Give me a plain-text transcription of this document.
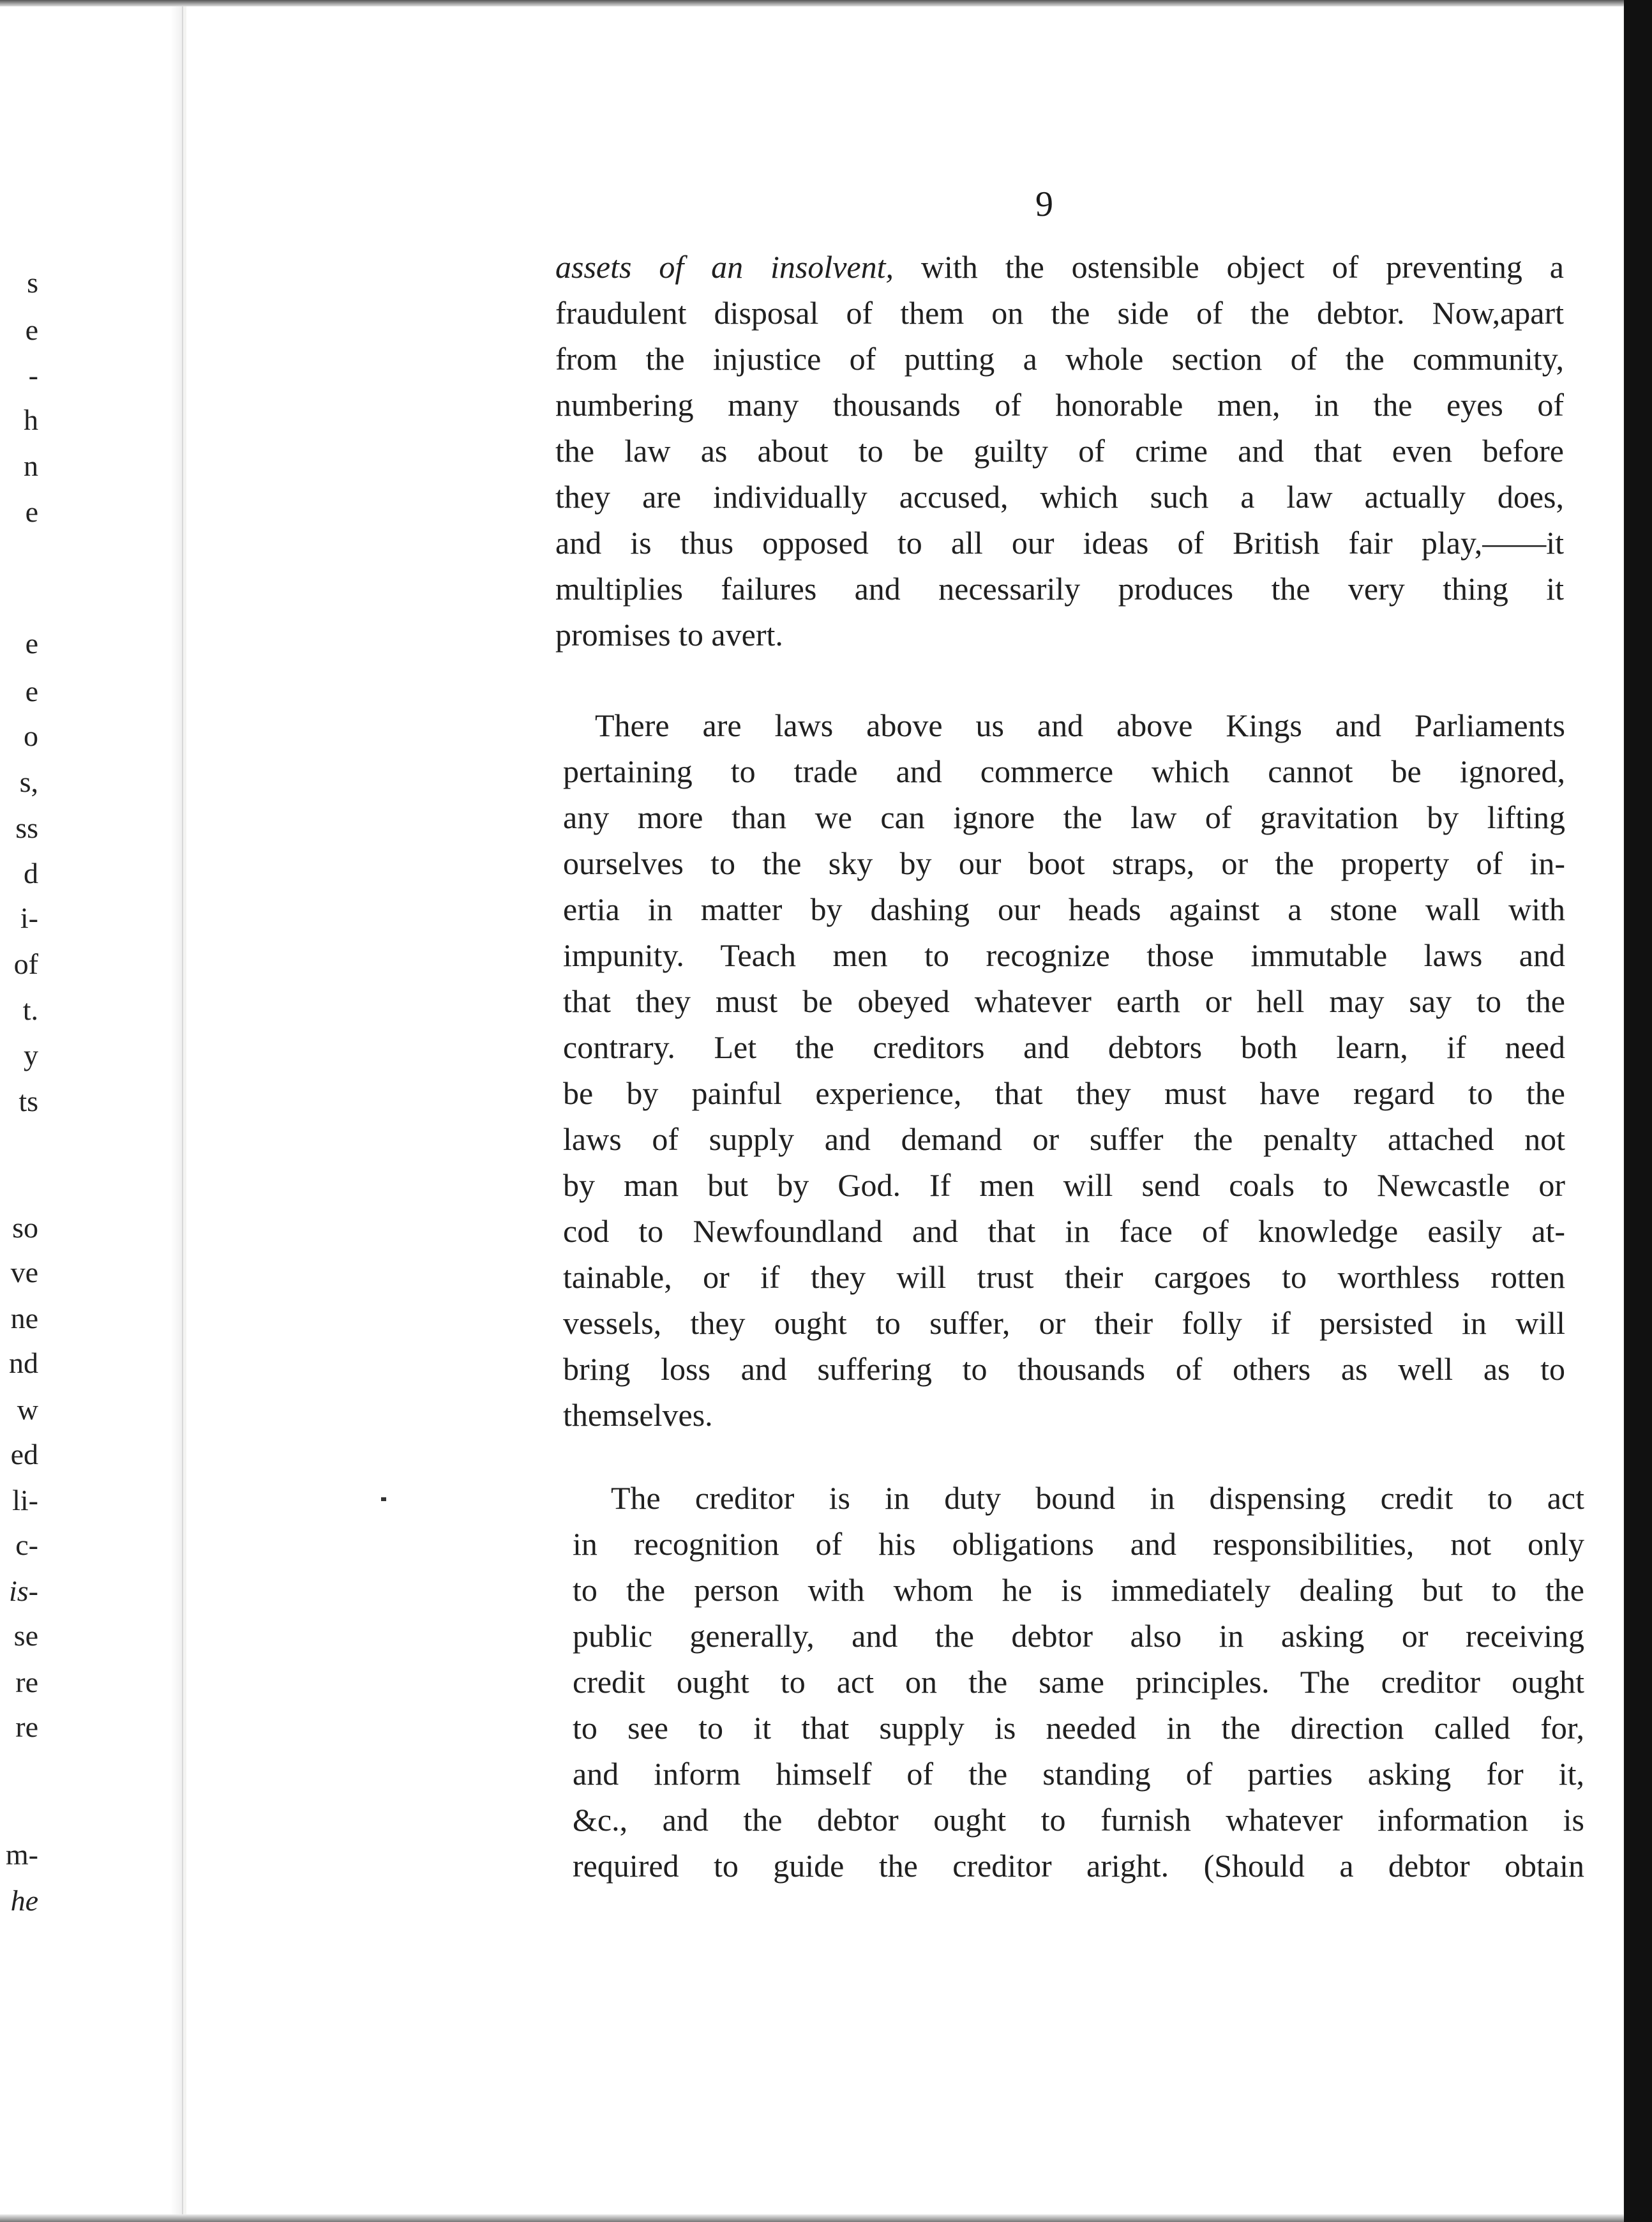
s
e
-
h
n
e
e
e
o
s,
ss
d
i-
of
t.
y
ts
so
ve
ne
nd
w
ed
li-
c-
is-
se
re
re
m-
he
9
assets of an insolvent, with the ostensible object of preventing a
fraudulent disposal of them on the side of the debtor. Now,apart
from the injustice of putting a whole section of the community,
numbering many thousands of honorable men, in the eyes of
the law as about to be guilty of crime and that even before
they are individually accused, which such a law actually does,
and is thus opposed to all our ideas of British fair play,——it
multiplies failures and necessarily produces the very thing it
promises to avert.
There are laws above us and above Kings and Parliaments
pertaining to trade and commerce which cannot be ignored,
any more than we can ignore the law of gravitation by lifting
ourselves to the sky by our boot straps, or the property of in-
ertia in matter by dashing our heads against a stone wall with
impunity. Teach men to recognize those immutable laws and
that they must be obeyed whatever earth or hell may say to the
contrary. Let the creditors and debtors both learn, if need
be by painful experience, that they must have regard to the
laws of supply and demand or suffer the penalty attached not
by man but by God. If men will send coals to Newcastle or
cod to Newfoundland and that in face of knowledge easily at-
tainable, or if they will trust their cargoes to worthless rotten
vessels, they ought to suffer, or their folly if persisted in will
bring loss and suffering to thousands of others as well as to
themselves.
The creditor is in duty bound in dispensing credit to act
in recognition of his obligations and responsibilities, not only
to the person with whom he is immediately dealing but to the
public generally, and the debtor also in asking or receiving
credit ought to act on the same principles. The creditor ought
to see to it that supply is needed in the direction called for,
and inform himself of the standing of parties asking for it,
&c., and the debtor ought to furnish whatever information is
required to guide the creditor aright. (Should a debtor obtain
